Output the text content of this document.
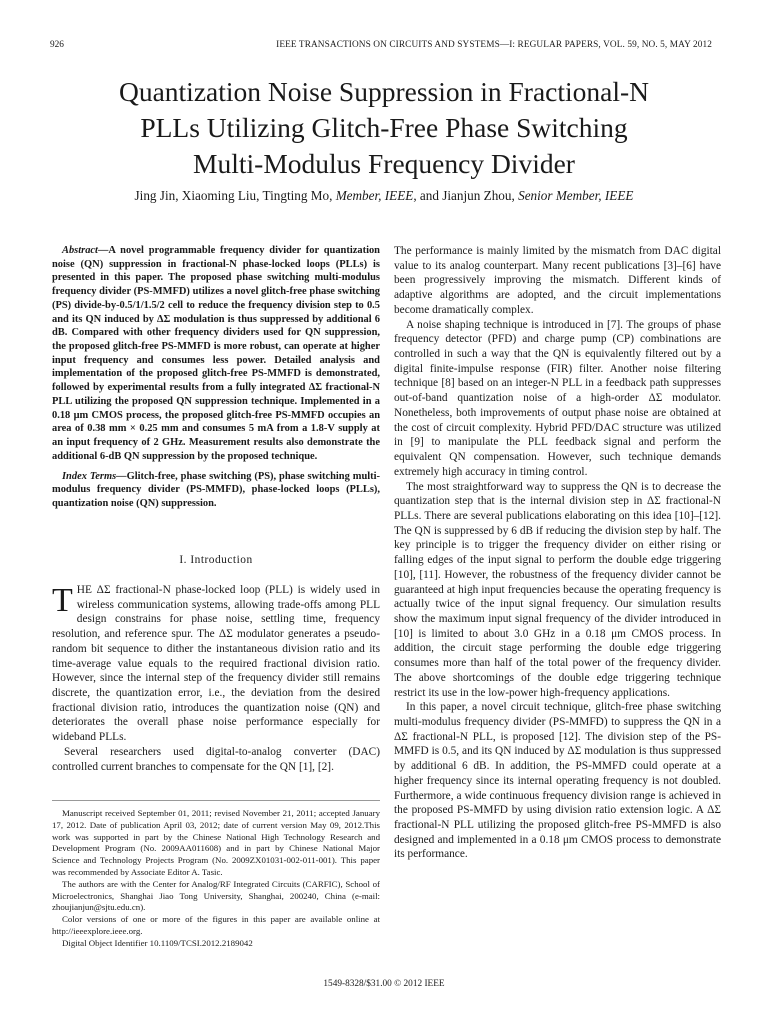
926	IEEE TRANSACTIONS ON CIRCUITS AND SYSTEMS—I: REGULAR PAPERS, VOL. 59, NO. 5, MAY 2012
Quantization Noise Suppression in Fractional-N
PLLs Utilizing Glitch-Free Phase Switching
Multi-Modulus Frequency Divider
Jing Jin, Xiaoming Liu, Tingting Mo, Member, IEEE, and Jianjun Zhou, Senior Member, IEEE

Abstract—A novel programmable frequency divider for quantization noise (QN) suppression in fractional-N phase-locked loops (PLLs) is presented in this paper. The proposed phase switching multi-modulus frequency divider (PS-MMFD) utilizes a novel glitch-free phase switching (PS) divide-by-0.5/1/1.5/2 cell to reduce the frequency division step to 0.5 and its QN induced by ΔΣ modulation is thus suppressed by additional 6 dB. Compared with other frequency dividers used for QN suppression, the proposed glitch-free PS-MMFD is more robust, can operate at higher input frequency and consumes less power. Detailed analysis and implementation of the proposed glitch-free PS-MMFD is demonstrated, followed by experimental results from a fully integrated ΔΣ fractional-N PLL utilizing the proposed QN suppression technique. Implemented in a 0.18 μm CMOS process, the proposed glitch-free PS-MMFD occupies an area of 0.38 mm × 0.25 mm and consumes 5 mA from a 1.8-V supply at an input frequency of 2 GHz. Measurement results also demonstrate the additional 6-dB QN suppression by the proposed technique.

Index Terms—Glitch-free, phase switching (PS), phase switching multi-modulus frequency divider (PS-MMFD), phase-locked loops (PLLs), quantization noise (QN) suppression.

I. Introduction

THE ΔΣ fractional-N phase-locked loop (PLL) is widely used in wireless communication systems, allowing trade-offs among PLL design constrains for phase noise, settling time, frequency resolution, and reference spur. The ΔΣ modulator generates a pseudo-random bit sequence to dither the instantaneous division ratio and its time-average value equals to the required fractional division ratio. However, since the internal step of the frequency divider still remains discrete, the quantization error, i.e., the deviation from the desired fractional division ratio, introduces the quantization noise (QN) and deteriorates the overall phase noise performance especially for wideband PLLs.

Several researchers used digital-to-analog converter (DAC) controlled current branches to compensate for the QN [1], [2].

Manuscript received September 01, 2011; revised November 21, 2011; accepted January 17, 2012. Date of publication April 03, 2012; date of current version May 09, 2012.This work was supported in part by the Chinese National High Technology Research and Development Program (No. 2009AA011608) and in part by Chinese National Major Science and Technology Projects Program (No. 2009ZX01031-002-011-001). This paper was recommended by Associate Editor A. Tasic.

The authors are with the Center for Analog/RF Integrated Circuits (CARFIC), School of Microelectronics, Shanghai Jiao Tong University, Shanghai, 200240, China (e-mail: zhoujianjun@sjtu.edu.cn).

Color versions of one or more of the figures in this paper are available online at http://ieeexplore.ieee.org.

Digital Object Identifier 10.1109/TCSI.2012.2189042

The performance is mainly limited by the mismatch from DAC digital value to its analog counterpart. Many recent publications [3]–[6] have been progressively improving the mismatch. Different kinds of adaptive algorithms are adopted, and the circuit implementations become dramatically complex.

A noise shaping technique is introduced in [7]. The groups of phase frequency detector (PFD) and charge pump (CP) combinations are controlled in such a way that the QN is equivalently filtered out by a digital finite-impulse response (FIR) filter. Another noise filtering technique [8] based on an integer-N PLL in a feedback path suppresses out-of-band quantization noise of a high-order ΔΣ modulator. Nonetheless, both improvements of output phase noise are obtained at the cost of circuit complexity. Hybrid PFD/DAC structure was utilized in [9] to manipulate the PLL feedback signal and perform the equivalent QN compensation. However, such technique demands extremely high accuracy in timing control.

The most straightforward way to suppress the QN is to decrease the quantization step that is the internal division step in ΔΣ fractional-N PLLs. There are several publications elaborating on this idea [10]–[12]. The QN is suppressed by 6 dB if reducing the division step by half. The key principle is to trigger the frequency divider on either rising or falling edges of the input signal to perform the double edge triggering [10], [11]. However, the robustness of the frequency divider cannot be guaranteed at high input frequencies because the operating frequency is actually twice of the input signal frequency. Our simulation results show the maximum input signal frequency of the divider introduced in [10] is limited to about 3.0 GHz in a 0.18 μm CMOS process. In addition, the circuit stage performing the double edge triggering consumes more than half of the total power of the frequency divider. The above shortcomings of the double edge triggering technique restrict its use in the low-power high-frequency applications.

In this paper, a novel circuit technique, glitch-free phase switching multi-modulus frequency divider (PS-MMFD) to suppress the QN in a ΔΣ fractional-N PLL, is proposed [12]. The division step of the PS-MMFD is 0.5, and its QN induced by ΔΣ modulation is thus suppressed by additional 6 dB. In addition, the PS-MMFD could operate at a higher frequency since its internal operating frequency is not doubled. Furthermore, a wide continuous frequency division range is achieved in the proposed PS-MMFD by using division ratio extension logic. A ΔΣ fractional-N PLL utilizing the proposed glitch-free PS-MMFD is also designed and implemented in a 0.18 μm CMOS process to demonstrate its performance.

1549-8328/$31.00 © 2012 IEEE
